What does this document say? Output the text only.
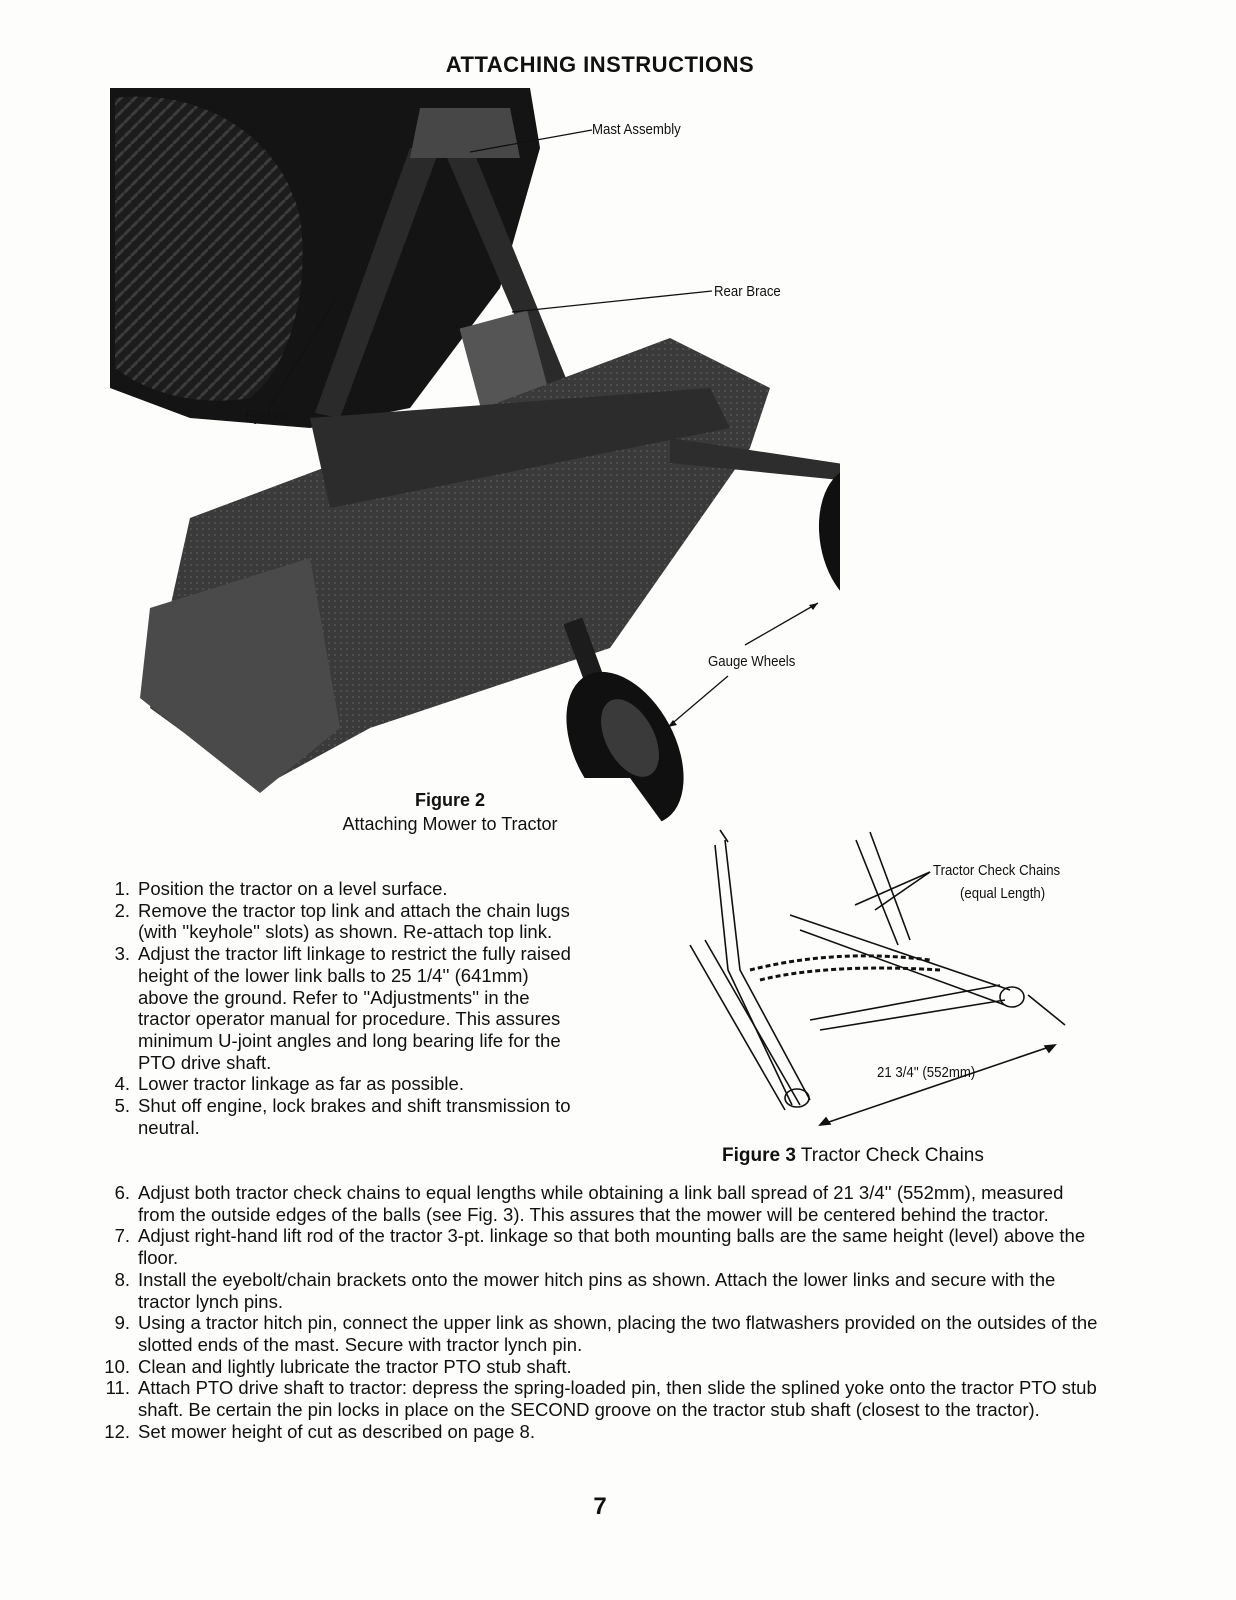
ATTACHING INSTRUCTIONS
Mast Assembly
Rear Brace
Eyebolt
Gauge Wheels
Figure 2
Attaching Mower to Tractor
Tractor Check Chains
(equal Length)
21 3/4'' (552mm)
Figure 3 Tractor Check Chains
1. Position the tractor on a level surface.
2. Remove the tractor top link and attach the chain lugs (with ''keyhole'' slots) as shown. Re-attach top link.
3. Adjust the tractor lift linkage to restrict the fully raised height of the lower link balls to 25 1/4'' (641mm) above the ground. Refer to ''Adjustments'' in the tractor operator manual for procedure. This assures minimum U-joint angles and long bearing life for the PTO drive shaft.
4. Lower tractor linkage as far as possible.
5. Shut off engine, lock brakes and shift transmission to neutral.
6. Adjust both tractor check chains to equal lengths while obtaining a link ball spread of 21 3/4'' (552mm), measured from the outside edges of the balls (see Fig. 3). This assures that the mower will be centered behind the tractor.
7. Adjust right-hand lift rod of the tractor 3-pt. linkage so that both mounting balls are the same height (level) above the floor.
8. Install the eyebolt/chain brackets onto the mower hitch pins as shown. Attach the lower links and secure with the tractor lynch pins.
9. Using a tractor hitch pin, connect the upper link as shown, placing the two flatwashers provided on the outsides of the slotted ends of the mast. Secure with tractor lynch pin.
10. Clean and lightly lubricate the tractor PTO stub shaft.
11. Attach PTO drive shaft to tractor: depress the spring-loaded pin, then slide the splined yoke onto the tractor PTO stub shaft. Be certain the pin locks in place on the SECOND groove on the tractor stub shaft (closest to the tractor).
12. Set mower height of cut as described on page 8.
7
